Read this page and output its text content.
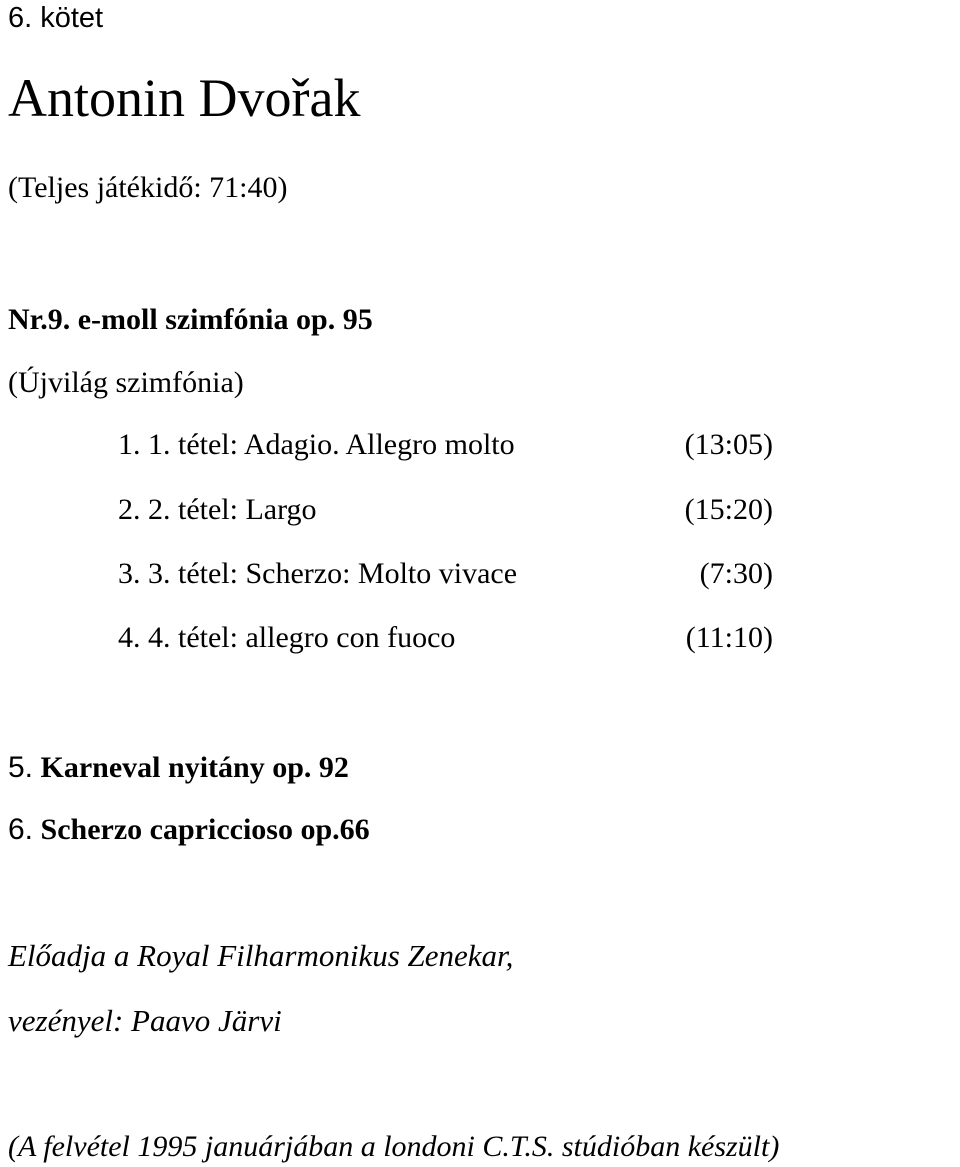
6. kötet
Antonin Dvořak
(Teljes játékidő: 71:40)
Nr.9. e-moll szimfónia op. 95
(Újvilág szimfónia)
1. 1. tétel: Adagio. Allegro molto	(13:05)
2. 2. tétel: Largo	(15:20)
3. 3. tétel: Scherzo: Molto vivace	(7:30)
4. 4. tétel: allegro con fuoco	(11:10)
5. Karneval nyitány op. 92
6. Scherzo capriccioso op.66
Előadja a Royal Filharmonikus Zenekar,
vezényel: Paavo Järvi
(A felvétel 1995 januárjában a londoni C.T.S. stúdióban készült)
